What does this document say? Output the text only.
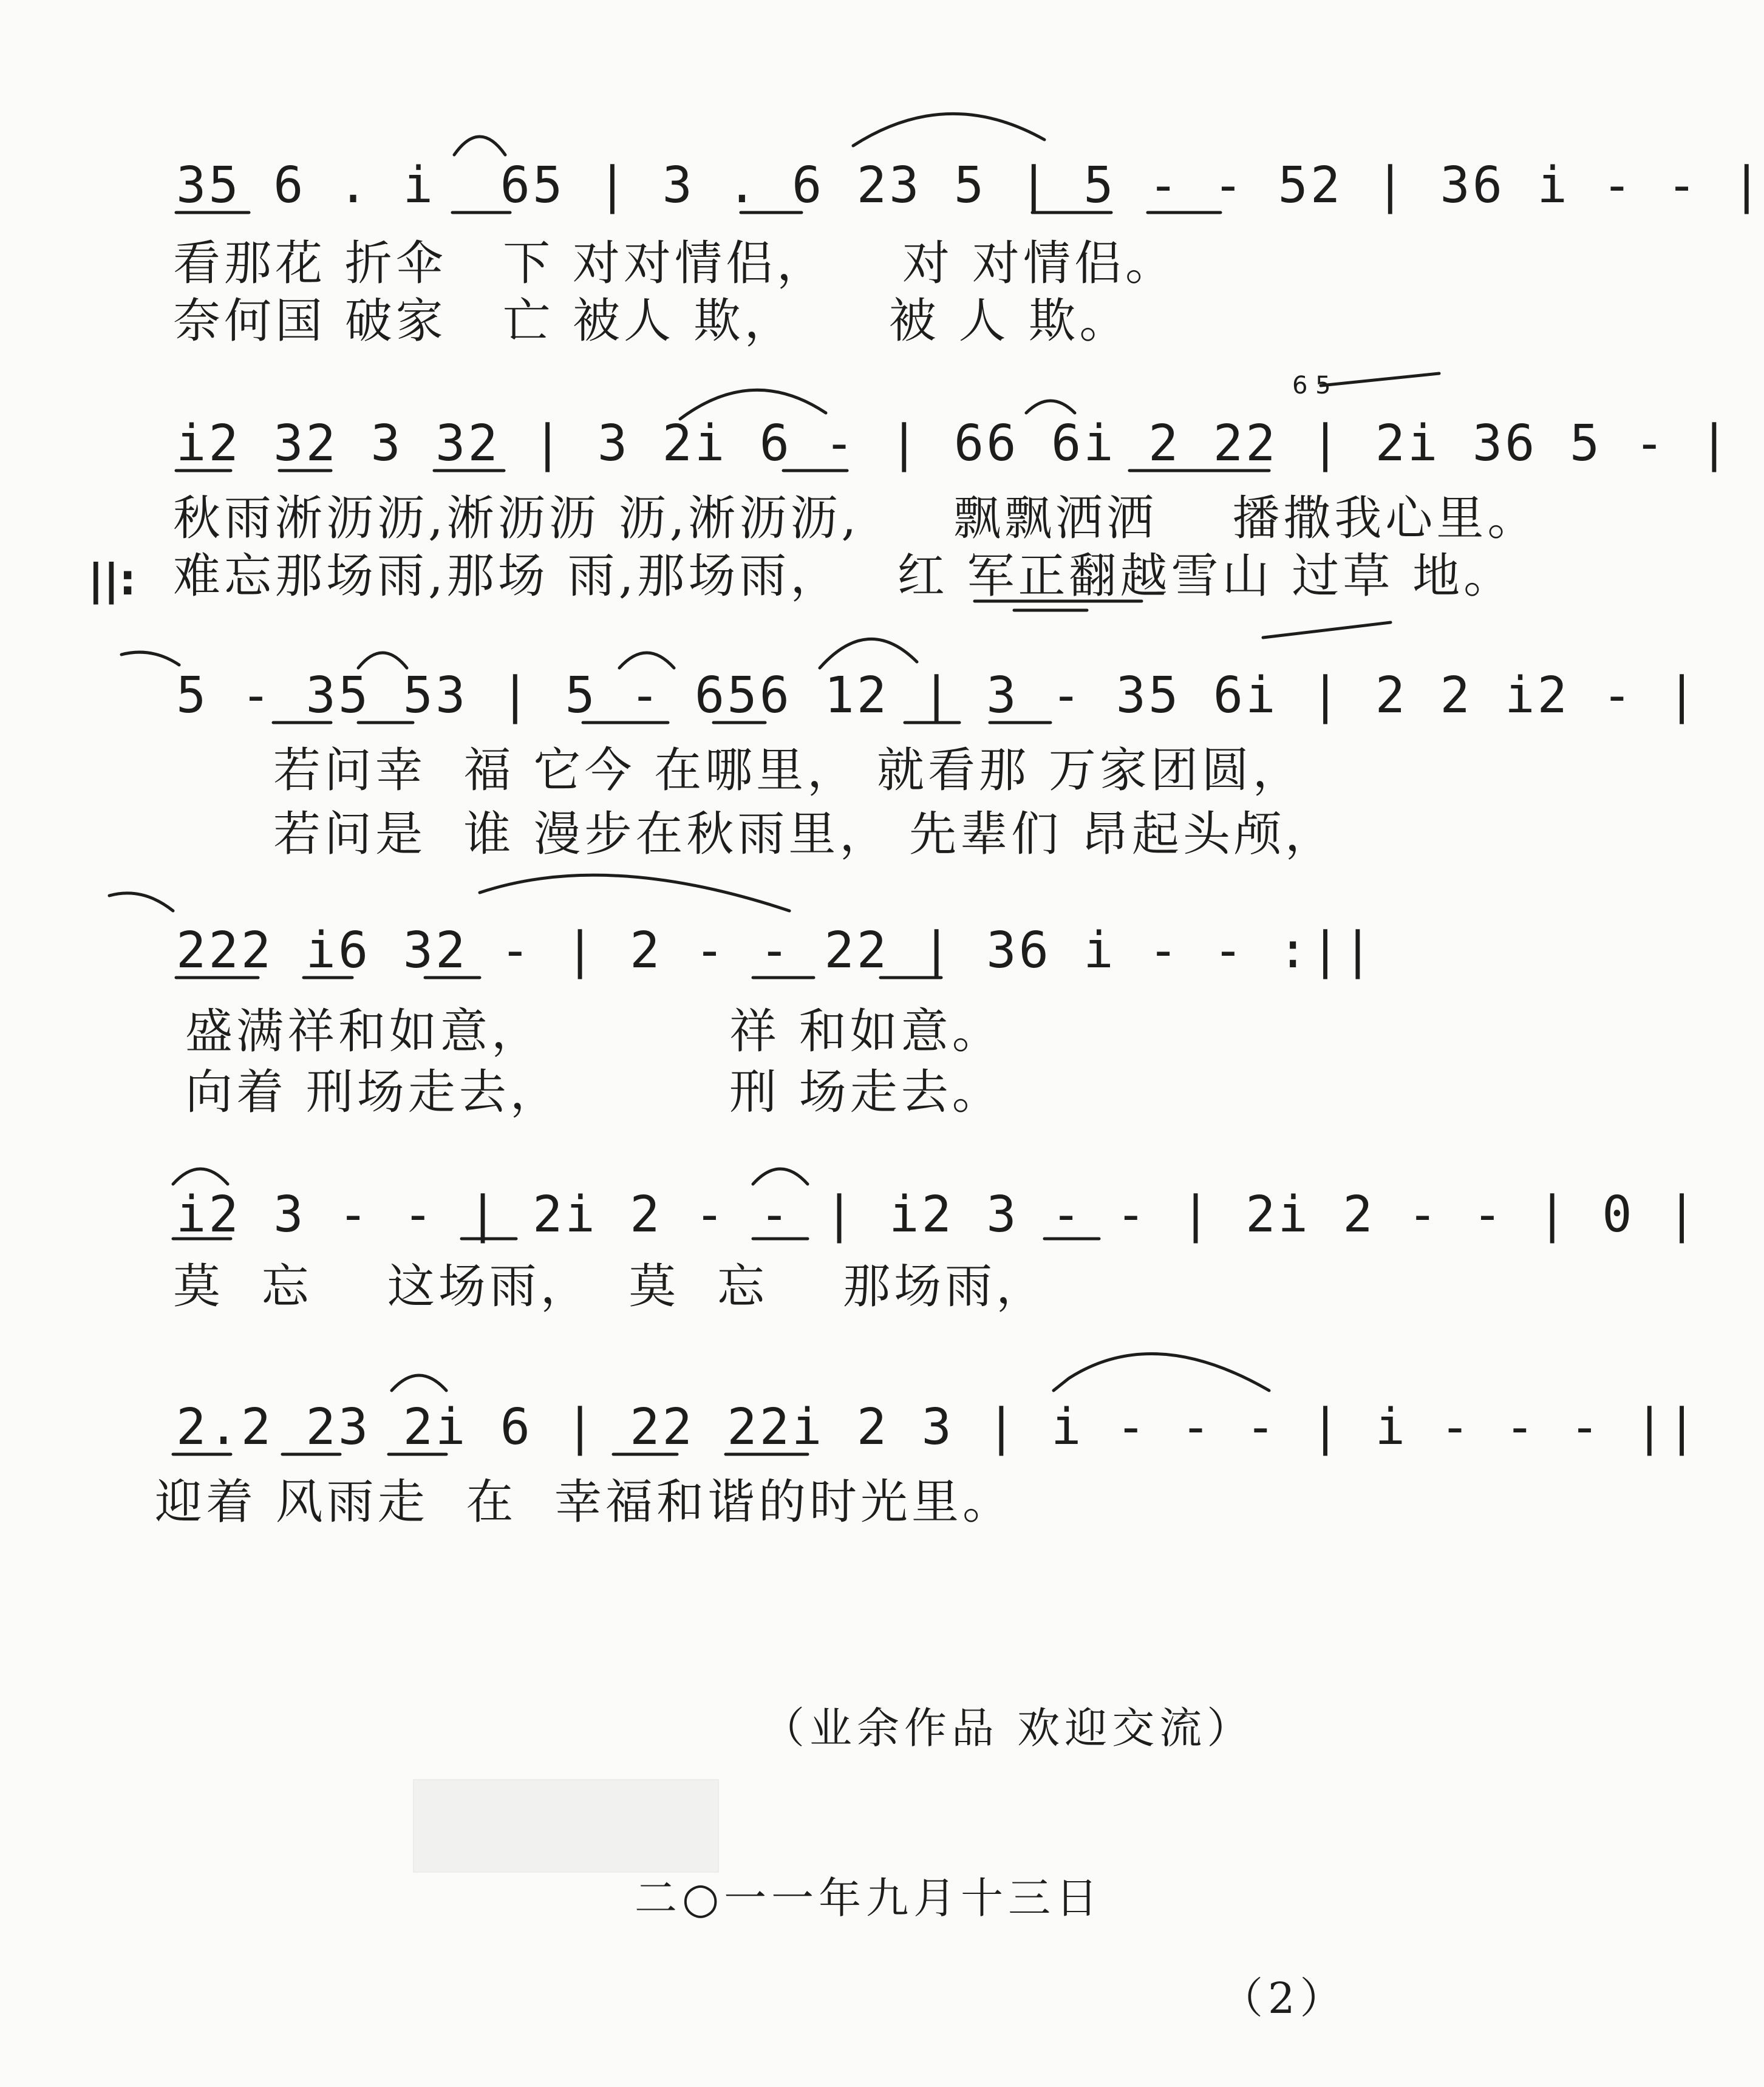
35 6 . i  65 | 3 . 6 23 5 | 5 - - 52 | 36 i - - |
看那花 折伞   下 对对情侣，    对 对情侣。
奈何国 破家   亡 被人 欺，     被 人 欺。
6 5
i2 32 3 32 | 3 2i 6 - | 66 6i 2 22 | 2i 36 5 - |
秋雨淅沥沥,淅沥沥 沥,淅沥沥,     飘飘洒洒    播撒我心里。
||: 难忘那场雨,那场 雨,那场雨，   红 军正翻越雪山 过草 地。
5 - 35 53 | 5 - 656 12 | 3 - 35 6i | 2 2 i2 - |
若问幸  福 它今 在哪里， 就看那 万家团圆，
若问是  谁 漫步在秋雨里， 先辈们 昂起头颅，
222 i6 32 - | 2 - - 22 | 36 i - - :||
盛满祥和如意，          祥 和如意。
向着 刑场走去，         刑 场走去。
i2 3 - - | 2i 2 - - | i2 3 - - | 2i 2 - - | 0 |
莫  忘    这场雨，  莫  忘    那场雨，
2.2 23 2i 6 | 22 22i 2 3 | i - - - | i - - - ||
迎着 风雨走  在  幸福和谐的时光里。
（业余作品 欢迎交流）
二○一一年九月十三日
（2）
